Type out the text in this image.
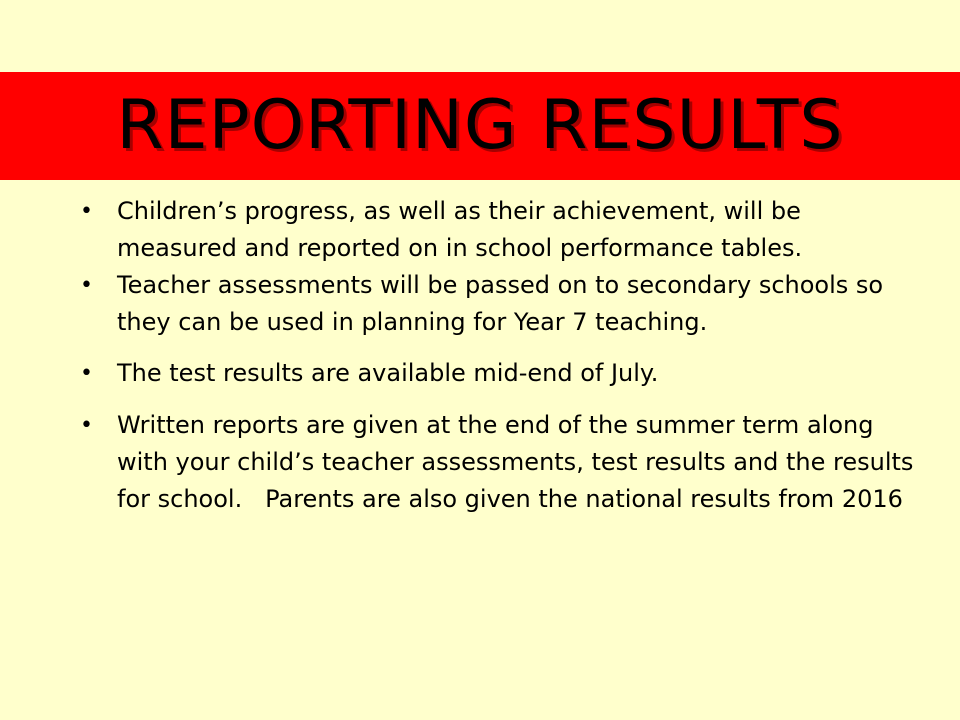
REPORTING RESULTS
• Children’s progress, as well as their achievement, will be measured and reported on in school performance tables.
• Teacher assessments will be passed on to secondary schools so they can be used in planning for Year 7 teaching.
• The test results are available mid-end of July.
• Written reports are given at the end of the summer term along with your child’s teacher assessments, test results and the results for school.   Parents are also given the national results from 2016
